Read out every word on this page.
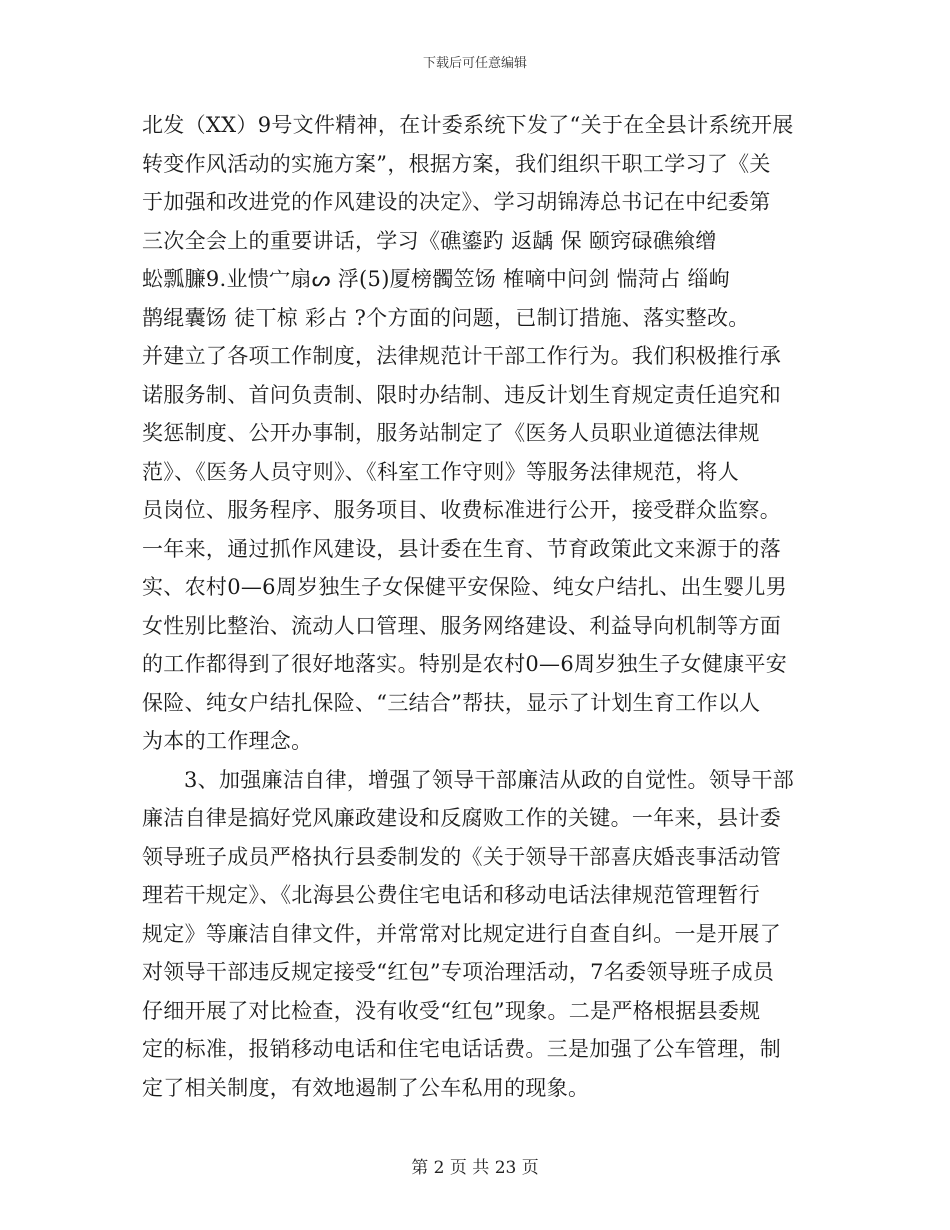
下载后可任意编辑
北发（XX）9号文件精神，在计委系统下发了“关于在全县计系统开展
转变作风活动的实施方案”，根据方案，我们组织干职工学习了《关
于加强和改进党的作风建设的决定》、学习胡锦涛总书记在中纪委第
三次全会上的重要讲话，学习《礁鎏趵 返龋 保 颐窍碌礁飨缯
蚣瓢臁9.业愦宀扇ᔕ 浮(5)厦榜髑笠饧 榷嘀中问剑 惴菏占 缁岣
鹊绲囊饧 徒丅椋 彩占 ?个方面的问题，已制订措施、落实整改。
并建立了各项工作制度，法律规范计干部工作行为。我们积极推行承
诺服务制、首问负责制、限时办结制、违反计划生育规定责任追究和
奖惩制度、公开办事制，服务站制定了《医务人员职业道德法律规
范》、《医务人员守则》、《科室工作守则》等服务法律规范，将人
员岗位、服务程序、服务项目、收费标准进行公开，接受群众监察。
一年来，通过抓作风建设，县计委在生育、节育政策此文来源于的落
实、农村0—6周岁独生子女保健平安保险、纯女户结扎、出生婴儿男
女性别比整治、流动人口管理、服务网络建设、利益导向机制等方面
的工作都得到了很好地落实。特别是农村0—6周岁独生子女健康平安
保险、纯女户结扎保险、“三结合”帮扶，显示了计划生育工作以人
为本的工作理念。
3、加强廉洁自律，增强了领导干部廉洁从政的自觉性。领导干部
廉洁自律是搞好党风廉政建设和反腐败工作的关键。一年来，县计委
领导班子成员严格执行县委制发的《关于领导干部喜庆婚丧事活动管
理若干规定》、《北海县公费住宅电话和移动电话法律规范管理暂行
规定》等廉洁自律文件，并常常对比规定进行自查自纠。一是开展了
对领导干部违反规定接受“红包”专项治理活动，7名委领导班子成员
仔细开展了对比检查，没有收受“红包”现象。二是严格根据县委规
定的标准，报销移动电话和住宅电话话费。三是加强了公车管理，制
定了相关制度，有效地遏制了公车私用的现象。
第 2 页 共 23 页
